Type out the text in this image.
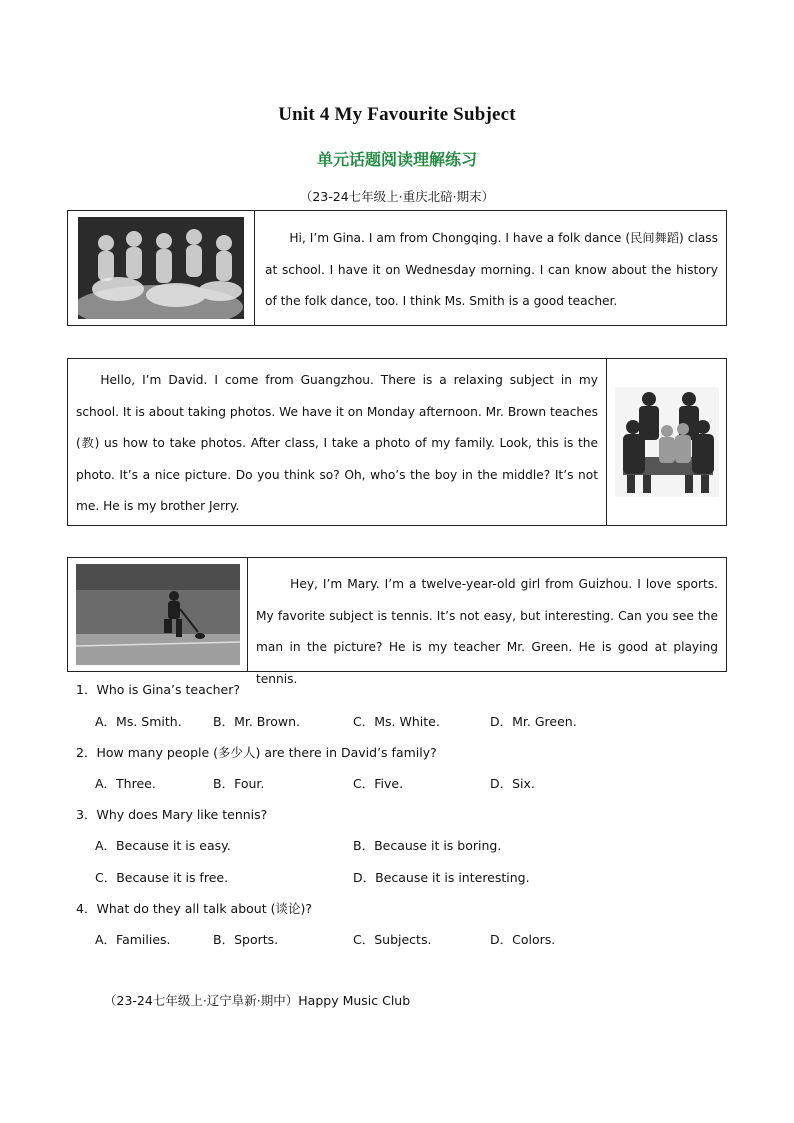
Unit 4 My Favourite Subject
单元话题阅读理解练习
（23-24七年级上·重庆北碚·期末）
Hi, I’m Gina. I am from Chongqing. I have a folk dance (民间舞蹈) class at school. I have it on Wednesday morning. I can know about the history of the folk dance, too. I think Ms. Smith is a good teacher.
Hello, I’m David. I come from Guangzhou. There is a relaxing subject in my school. It is about taking photos. We have it on Monday afternoon. Mr. Brown teaches (教) us how to take photos. After class, I take a photo of my family. Look, this is the photo. It’s a nice picture. Do you think so? Oh, who’s the boy in the middle? It’s not me. He is my brother Jerry.
Hey, I’m Mary. I’m a twelve-year-old girl from Guizhou. I love sports. My favorite subject is tennis. It’s not easy, but interesting. Can you see the man in the picture? He is my teacher Mr. Green. He is good at playing tennis.
1．Who is Gina’s teacher?
A．Ms. Smith.	B．Mr. Brown.	C．Ms. White.	D．Mr. Green.
2．How many people (多少人) are there in David’s family?
A．Three.	B．Four.	C．Five.	D．Six.
3．Why does Mary like tennis?
A．Because it is easy.	B．Because it is boring.
C．Because it is free.	D．Because it is interesting.
4．What do they all talk about (谈论)?
A．Families.	B．Sports.	C．Subjects.	D．Colors.
（23-24七年级上·辽宁阜新·期中）Happy Music Club
